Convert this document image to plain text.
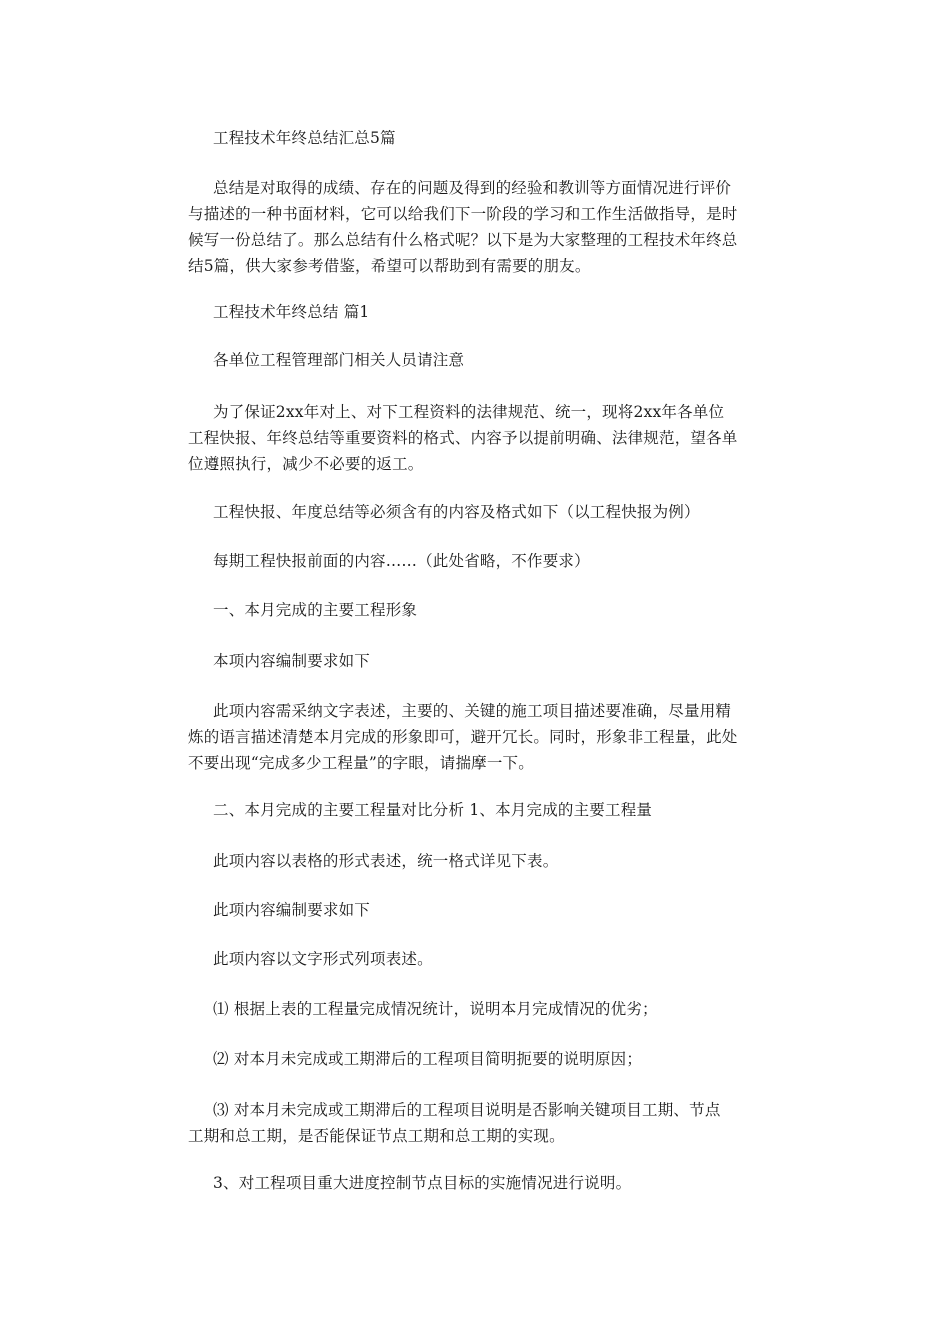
工程技术年终总结汇总5篇
总结是对取得的成绩、存在的问题及得到的经验和教训等方面情况进行评价
与描述的一种书面材料，它可以给我们下一阶段的学习和工作生活做指导，是时
候写一份总结了。那么总结有什么格式呢？以下是为大家整理的工程技术年终总
结5篇，供大家参考借鉴，希望可以帮助到有需要的朋友。
工程技术年终总结 篇1
各单位工程管理部门相关人员请注意
为了保证2xx年对上、对下工程资料的法律规范、统一，现将2xx年各单位
工程快报、年终总结等重要资料的格式、内容予以提前明确、法律规范，望各单
位遵照执行，减少不必要的返工。
工程快报、年度总结等必须含有的内容及格式如下（以工程快报为例）
每期工程快报前面的内容……（此处省略，不作要求）
一、本月完成的主要工程形象
本项内容编制要求如下
此项内容需采纳文字表述，主要的、关键的施工项目描述要准确，尽量用精
炼的语言描述清楚本月完成的形象即可，避开冗长。同时，形象非工程量，此处
不要出现“完成多少工程量”的字眼，请揣摩一下。
二、本月完成的主要工程量对比分析 1、本月完成的主要工程量
此项内容以表格的形式表述，统一格式详见下表。
此项内容编制要求如下
此项内容以文字形式列项表述。
⑴ 根据上表的工程量完成情况统计，说明本月完成情况的优劣；
⑵ 对本月未完成或工期滞后的工程项目简明扼要的说明原因；
⑶ 对本月未完成或工期滞后的工程项目说明是否影响关键项目工期、节点
工期和总工期，是否能保证节点工期和总工期的实现。
3、对工程项目重大进度控制节点目标的实施情况进行说明。
